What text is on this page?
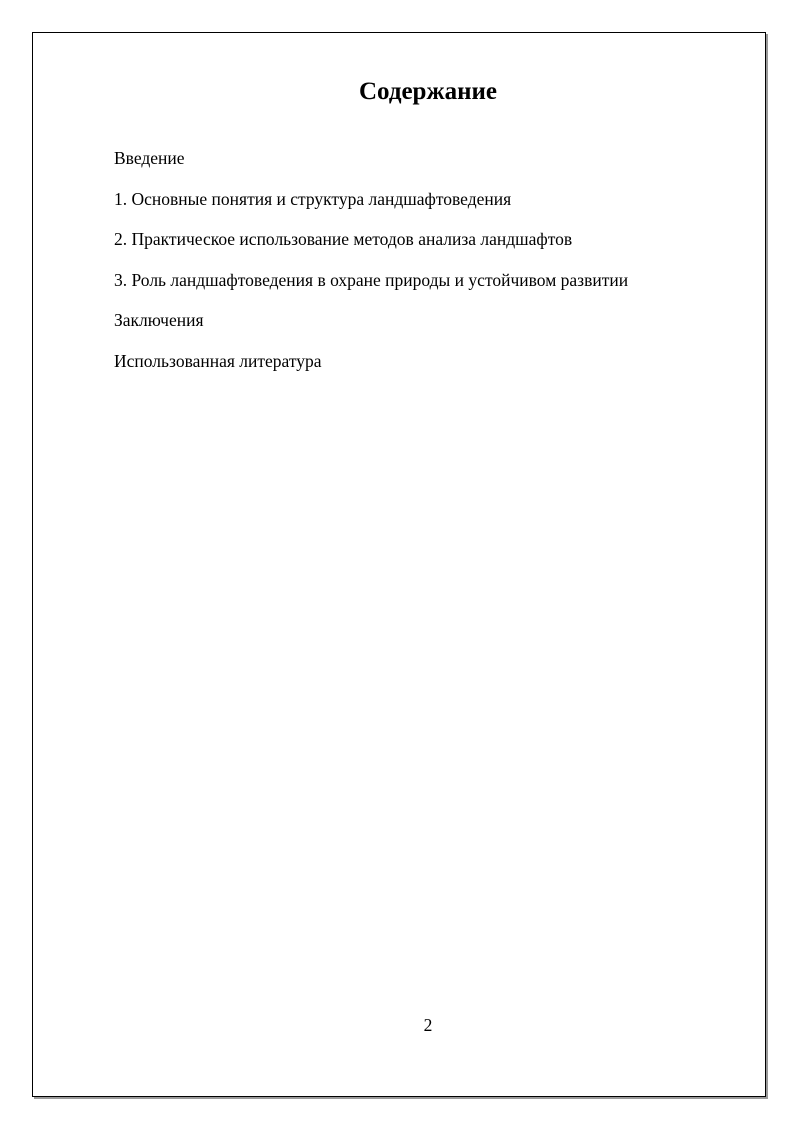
Содержание
Введение
1. Основные понятия и структура ландшафтоведения
2. Практическое использование методов анализа ландшафтов
3. Роль ландшафтоведения в охране природы и устойчивом развитии
Заключения
Использованная литература
2
